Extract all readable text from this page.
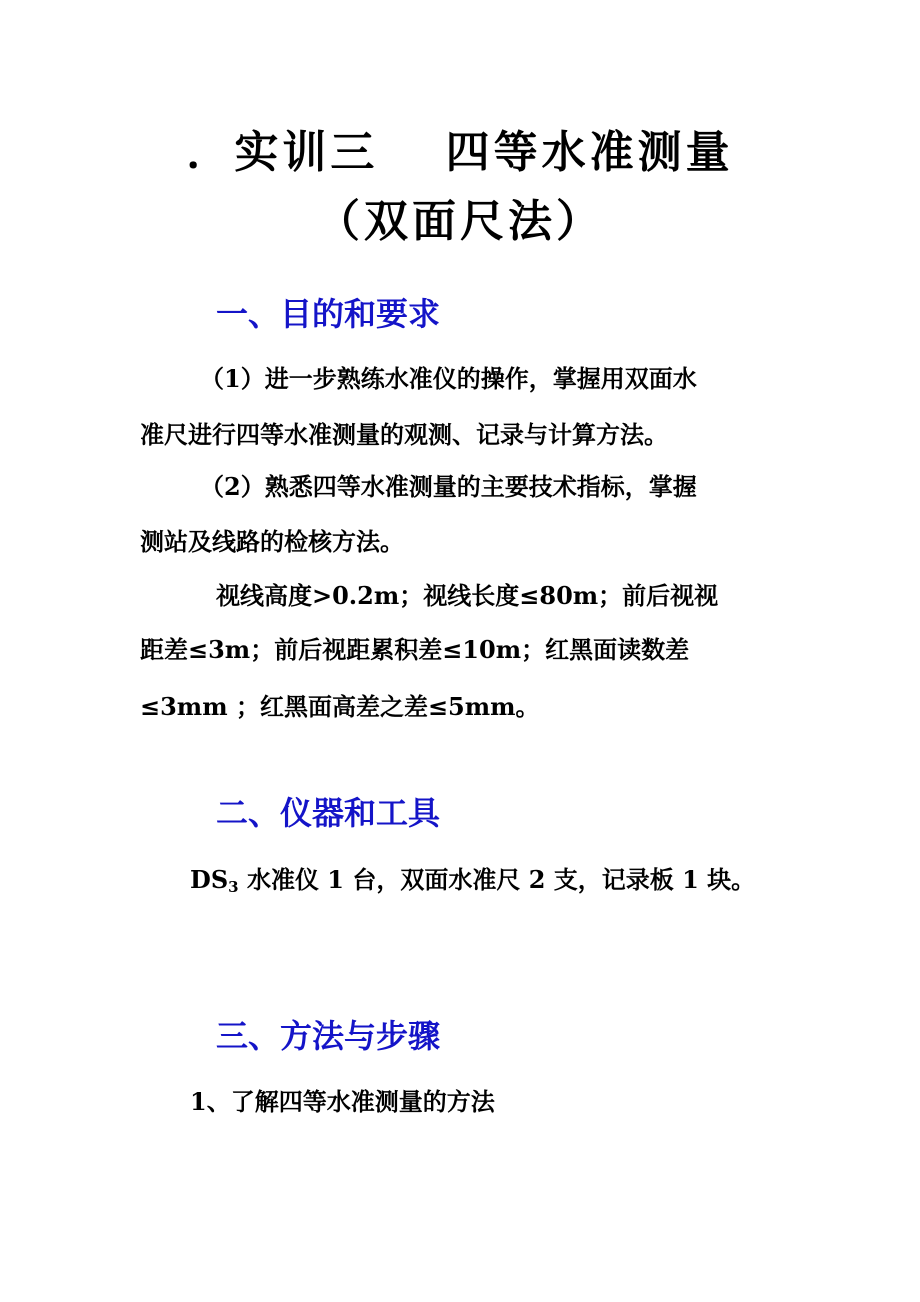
．实训三　 四等水准测量
（双面尺法）
一、目的和要求
（1）进一步熟练水准仪的操作，掌握用双面水
准尺进行四等水准测量的观测、记录与计算方法。
（2）熟悉四等水准测量的主要技术指标，掌握
测站及线路的检核方法。
视线高度>0.2m；视线长度≤80m；前后视视
距差≤3m；前后视距累积差≤10m；红黑面读数差
≤3mm ；红黑面高差之差≤5mm。
二、仪器和工具
$DS_3$ 水准仪 1 台，双面水准尺 2 支，记录板 1 块。
三、方法与步骤
1、了解四等水准测量的方法
